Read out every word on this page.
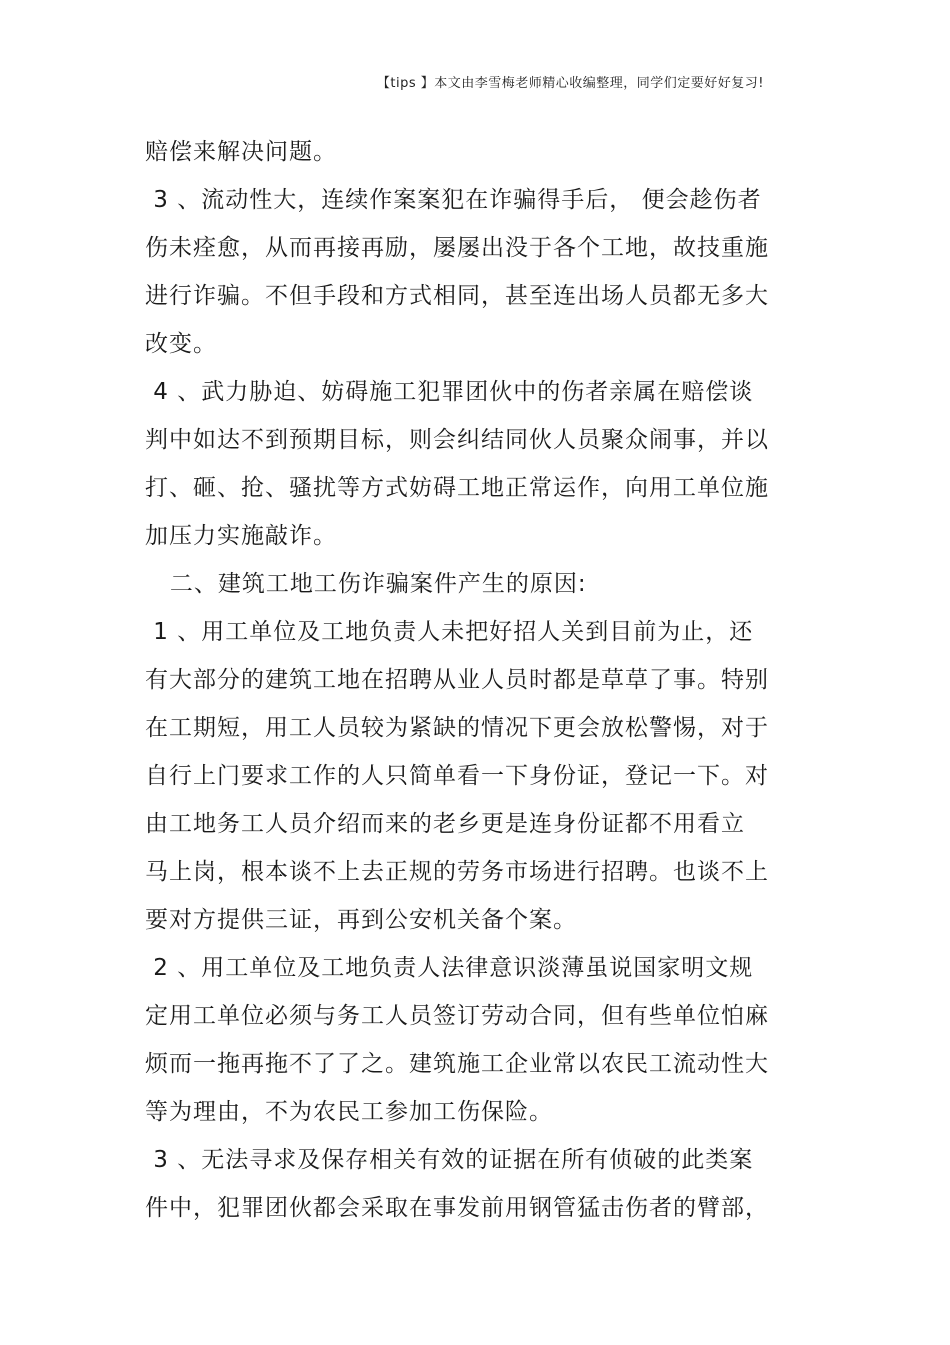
【tips 】本文由李雪梅老师精心收编整理，同学们定要好好复习!
赔偿来解决问题。
3 、流动性大，连续作案案犯在诈骗得手后， 便会趁伤者
伤未痊愈，从而再接再励，屡屡出没于各个工地，故技重施
进行诈骗。不但手段和方式相同，甚至连出场人员都无多大
改变。
4 、武力胁迫、妨碍施工犯罪团伙中的伤者亲属在赔偿谈
判中如达不到预期目标，则会纠结同伙人员聚众闹事，并以
打、砸、抢、骚扰等方式妨碍工地正常运作，向用工单位施
加压力实施敲诈。
二、建筑工地工伤诈骗案件产生的原因:
1 、用工单位及工地负责人未把好招人关到目前为止，还
有大部分的建筑工地在招聘从业人员时都是草草了事。特别
在工期短，用工人员较为紧缺的情况下更会放松警惕，对于
自行上门要求工作的人只简单看一下身份证，登记一下。对
由工地务工人员介绍而来的老乡更是连身份证都不用看立
马上岗，根本谈不上去正规的劳务市场进行招聘。也谈不上
要对方提供三证，再到公安机关备个案。
2 、用工单位及工地负责人法律意识淡薄虽说国家明文规
定用工单位必须与务工人员签订劳动合同，但有些单位怕麻
烦而一拖再拖不了了之。建筑施工企业常以农民工流动性大
等为理由，不为农民工参加工伤保险。
3 、无法寻求及保存相关有效的证据在所有侦破的此类案
件中，犯罪团伙都会采取在事发前用钢管猛击伤者的臂部，
